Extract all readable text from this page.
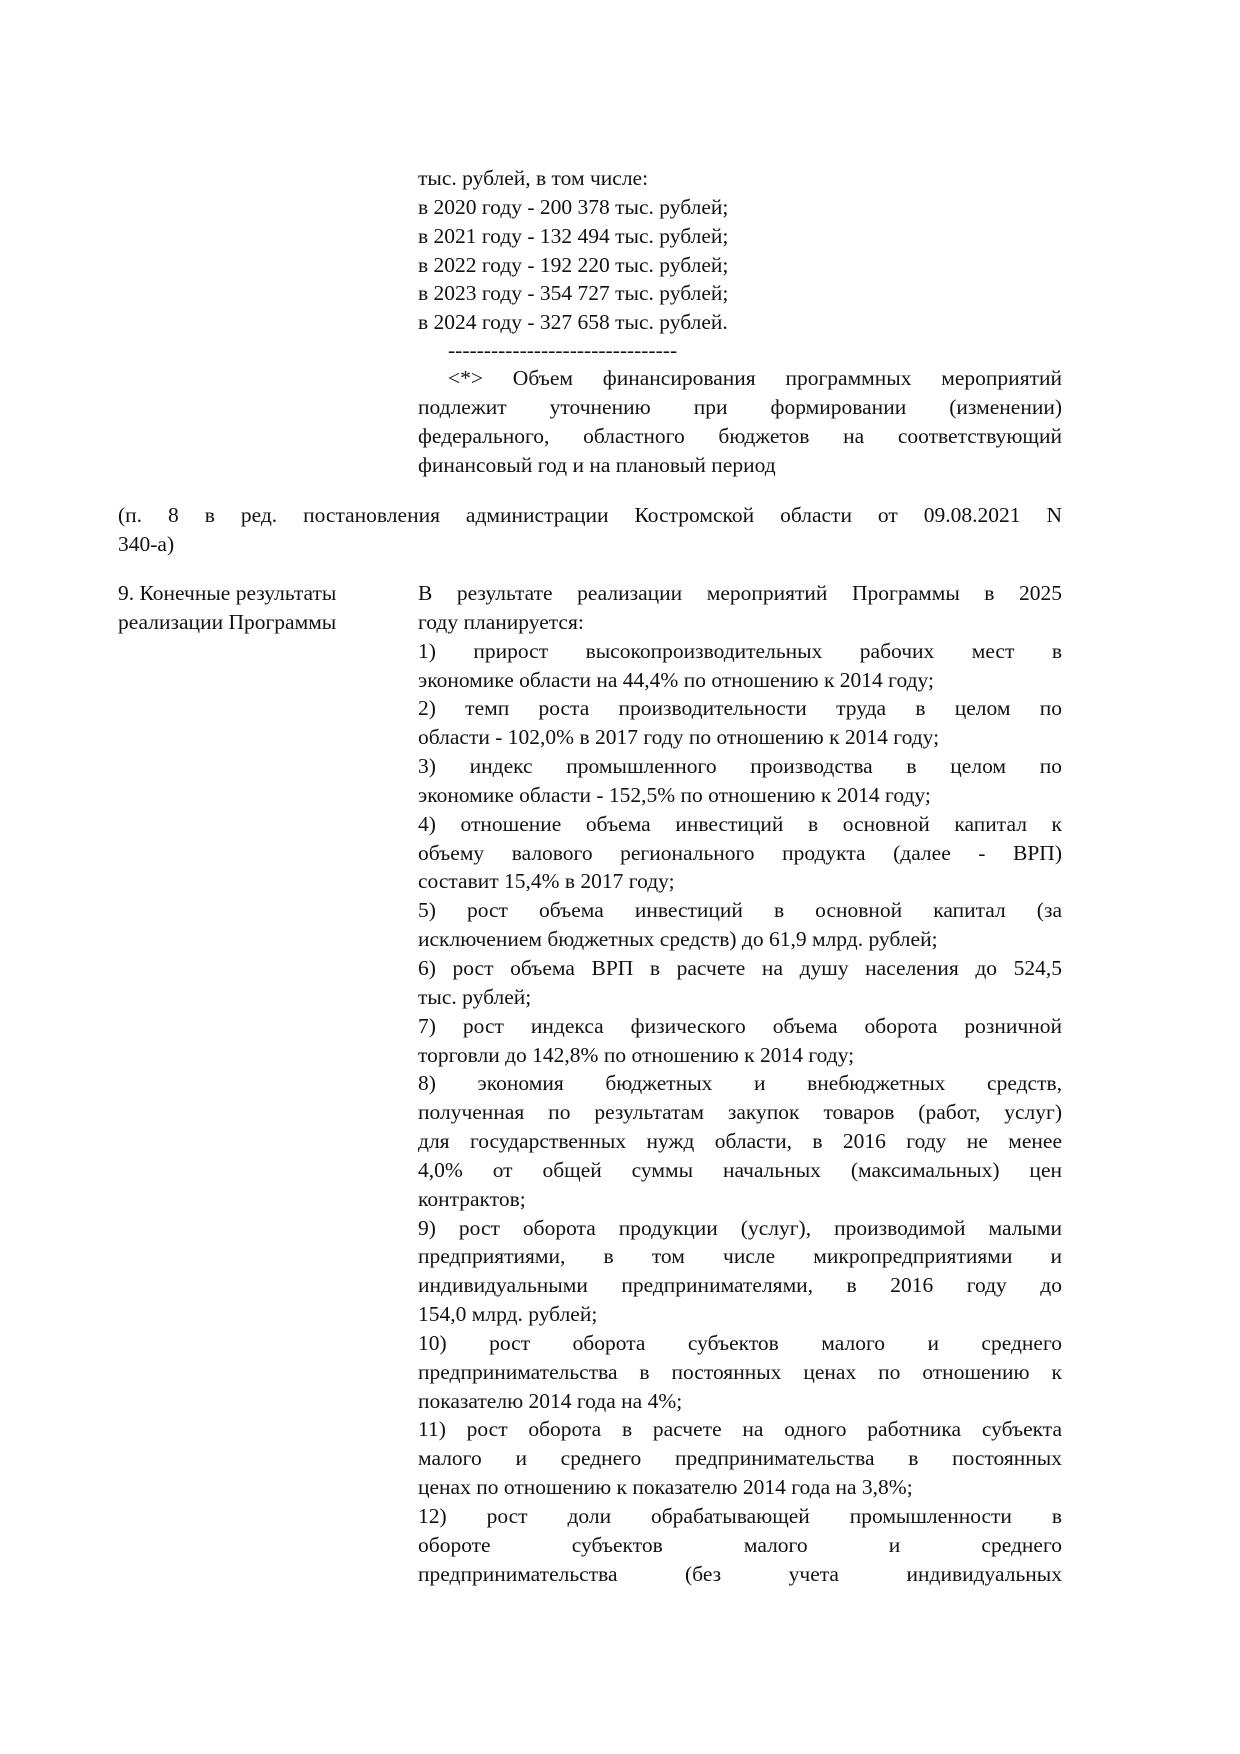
тыс. рублей, в том числе:
в 2020 году - 200 378 тыс. рублей;
в 2021 году - 132 494 тыс. рублей;
в 2022 году - 192 220 тыс. рублей;
в 2023 году - 354 727 тыс. рублей;
в 2024 году - 327 658 тыс. рублей.
--------------------------------
<*> Объем финансирования программных мероприятий
подлежит уточнению при формировании (изменении)
федерального, областного бюджетов на соответствующий
финансовый год и на плановый период
(п. 8 в ред. постановления администрации Костромской области от 09.08.2021 N
340-а)
9. Конечные результаты
реализации Программы
В результате реализации мероприятий Программы в 2025
году планируется:
1) прирост высокопроизводительных рабочих мест в
экономике области на 44,4% по отношению к 2014 году;
2) темп роста производительности труда в целом по
области - 102,0% в 2017 году по отношению к 2014 году;
3) индекс промышленного производства в целом по
экономике области - 152,5% по отношению к 2014 году;
4) отношение объема инвестиций в основной капитал к
объему валового регионального продукта (далее - ВРП)
составит 15,4% в 2017 году;
5) рост объема инвестиций в основной капитал (за
исключением бюджетных средств) до 61,9 млрд. рублей;
6) рост объема ВРП в расчете на душу населения до 524,5
тыс. рублей;
7) рост индекса физического объема оборота розничной
торговли до 142,8% по отношению к 2014 году;
8) экономия бюджетных и внебюджетных средств,
полученная по результатам закупок товаров (работ, услуг)
для государственных нужд области, в 2016 году не менее
4,0% от общей суммы начальных (максимальных) цен
контрактов;
9) рост оборота продукции (услуг), производимой малыми
предприятиями, в том числе микропредприятиями и
индивидуальными предпринимателями, в 2016 году до
154,0 млрд. рублей;
10) рост оборота субъектов малого и среднего
предпринимательства в постоянных ценах по отношению к
показателю 2014 года на 4%;
11) рост оборота в расчете на одного работника субъекта
малого и среднего предпринимательства в постоянных
ценах по отношению к показателю 2014 года на 3,8%;
12) рост доли обрабатывающей промышленности в
обороте субъектов малого и среднего
предпринимательства (без учета индивидуальных
